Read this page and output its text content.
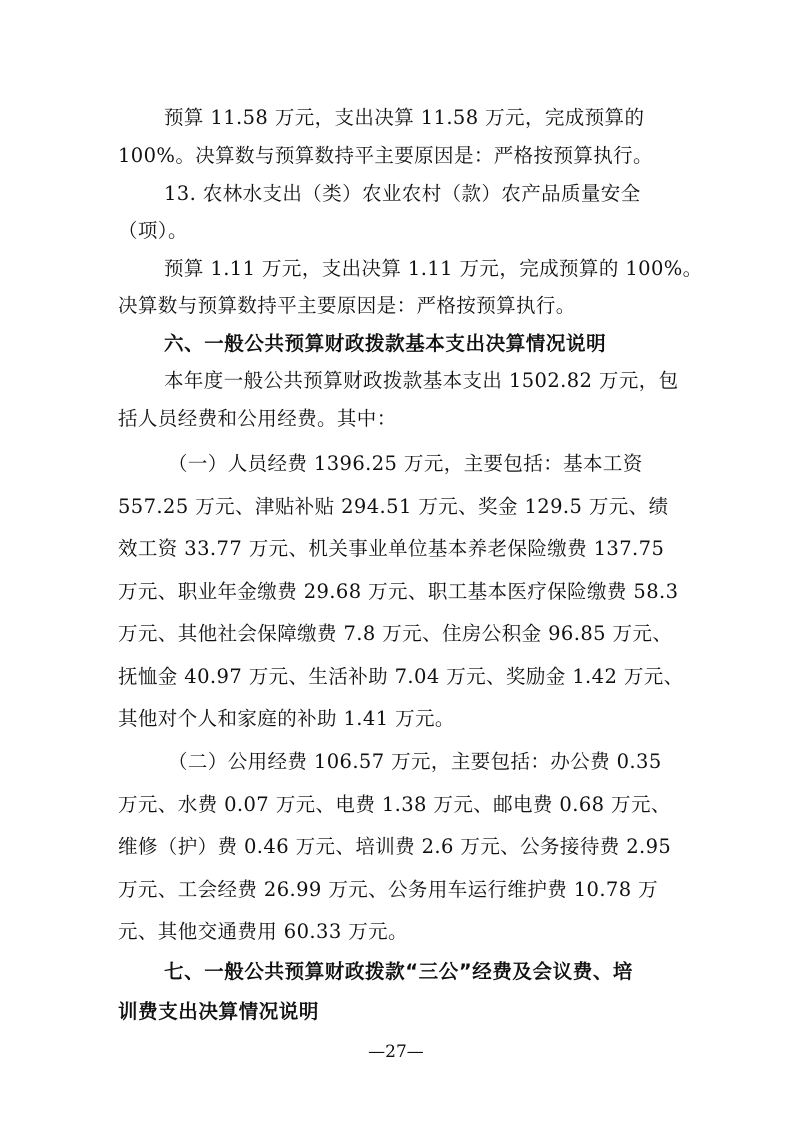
预算 11.58 万元，支出决算 11.58 万元，完成预算的
100%。决算数与预算数持平主要原因是：严格按预算执行。
13. 农林水支出（类）农业农村（款）农产品质量安全
（项）。
预算 1.11 万元，支出决算 1.11 万元，完成预算的 100%。
决算数与预算数持平主要原因是：严格按预算执行。
六、一般公共预算财政拨款基本支出决算情况说明
本年度一般公共预算财政拨款基本支出 1502.82 万元，包
括人员经费和公用经费。其中：
（一）人员经费 1396.25 万元，主要包括：基本工资
557.25 万元、津贴补贴 294.51 万元、奖金 129.5 万元、绩
效工资 33.77 万元、机关事业单位基本养老保险缴费 137.75
万元、职业年金缴费 29.68 万元、职工基本医疗保险缴费 58.3
万元、其他社会保障缴费 7.8 万元、住房公积金 96.85 万元、
抚恤金 40.97 万元、生活补助 7.04 万元、奖励金 1.42 万元、
其他对个人和家庭的补助 1.41 万元。
（二）公用经费 106.57 万元，主要包括：办公费 0.35
万元、水费 0.07 万元、电费 1.38 万元、邮电费 0.68 万元、
维修（护）费 0.46 万元、培训费 2.6 万元、公务接待费 2.95
万元、工会经费 26.99 万元、公务用车运行维护费 10.78 万
元、其他交通费用 60.33 万元。
七、一般公共预算财政拨款“三公”经费及会议费、培
训费支出决算情况说明
—27—
